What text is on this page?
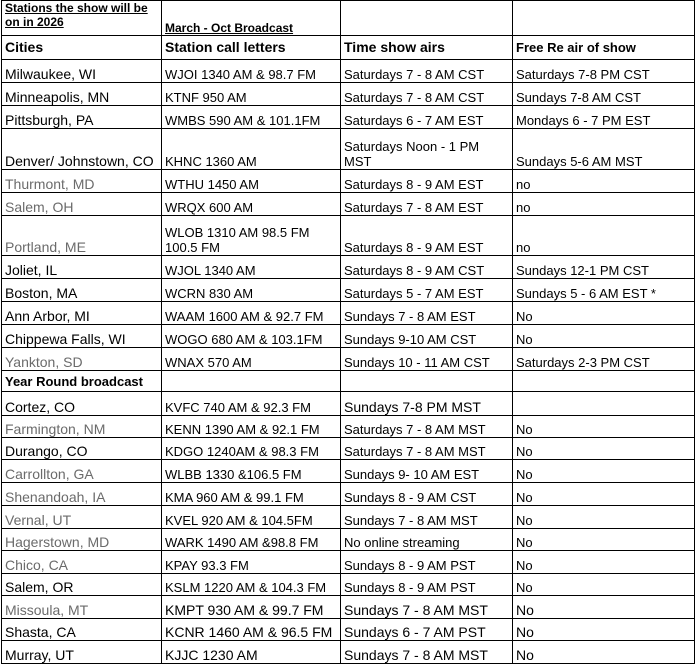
Stations the show will be on in 2026	March - Oct Broadcast		
Cities	Station call letters	Time show airs	Free Re air of show
Milwaukee, WI	WJOI 1340 AM & 98.7 FM	Saturdays 7 - 8 AM CST	Saturdays 7-8 PM CST
Minneapolis, MN	KTNF 950 AM	Saturdays 7 - 8 AM CST	Sundays 7-8 AM CST
Pittsburgh, PA	WMBS 590 AM & 101.1FM	Saturdays 6 - 7 AM EST	Mondays 6 - 7 PM EST
Denver/ Johnstown, CO	KHNC 1360 AM	Saturdays Noon - 1 PM MST	Sundays 5-6 AM MST
Thurmont, MD	WTHU 1450 AM	Saturdays 8 - 9 AM EST	no
Salem, OH	WRQX 600 AM	Saturdays 7 - 8 AM EST	no
Portland, ME	WLOB 1310 AM 98.5 FM 100.5 FM	Saturdays 8 - 9 AM EST	no
Joliet, IL	WJOL 1340 AM	Saturdays 8 - 9 AM CST	Sundays 12-1 PM CST
Boston, MA	WCRN 830 AM	Saturdays 5 - 7 AM EST	Sundays 5 - 6 AM EST *
Ann Arbor, MI	WAAM 1600 AM & 92.7 FM	Sundays 7 - 8 AM EST	No
Chippewa Falls, WI	WOGO 680 AM & 103.1FM	Sundays 9-10 AM CST	No
Yankton, SD	WNAX 570 AM	Sundays 10 - 11 AM CST	Saturdays 2-3 PM CST
Year Round broadcast			
Cortez, CO	KVFC 740 AM & 92.3 FM	Sundays 7-8 PM MST	
Farmington, NM	KENN 1390 AM & 92.1 FM	Saturdays 7 - 8 AM MST	No
Durango, CO	KDGO 1240AM & 98.3 FM	Saturdays 7 - 8 AM MST	No
Carrollton, GA	WLBB 1330 &106.5 FM	Sundays 9- 10 AM EST	No
Shenandoah, IA	KMA 960 AM & 99.1 FM	Sundays 8 - 9 AM CST	No
Vernal, UT	KVEL 920 AM & 104.5FM	Sundays 7 - 8 AM MST	No
Hagerstown, MD	WARK 1490 AM &98.8 FM	No online streaming	No
Chico, CA	KPAY 93.3 FM	Sundays 8 - 9 AM PST	No
Salem, OR	KSLM 1220 AM & 104.3 FM	Sundays 8 - 9 AM PST	No
Missoula, MT	KMPT 930 AM & 99.7 FM	Sundays 7 - 8 AM MST	No
Shasta, CA	KCNR 1460 AM & 96.5 FM	Sundays 6 - 7 AM PST	No
Murray, UT	KJJC 1230 AM	Sundays 7 - 8 AM MST	No
